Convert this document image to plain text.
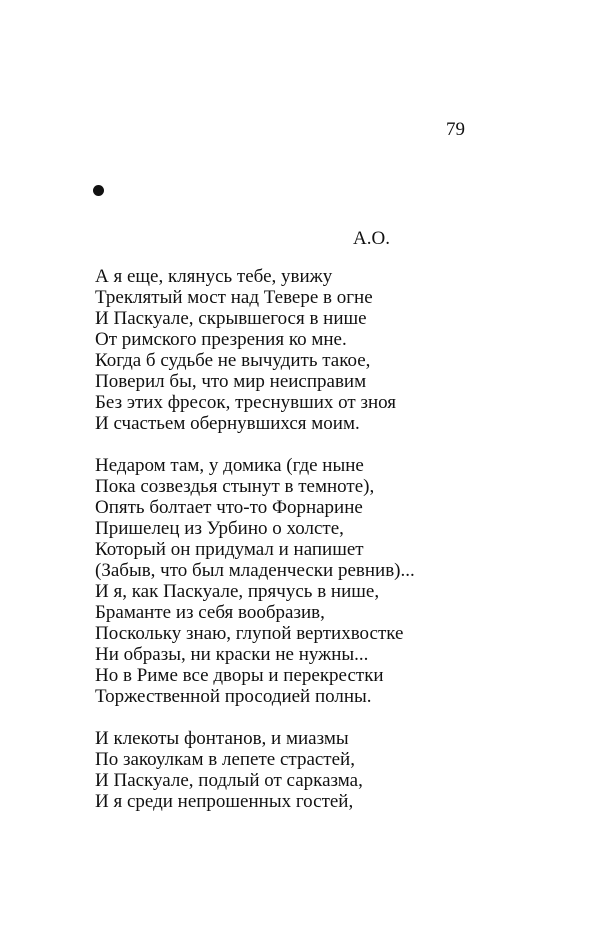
79
А.О.
А я еще, клянусь тебе, увижу
Треклятый мост над Тевере в огне
И Паскуале, скрывшегося в нише
От римского презрения ко мне.
Когда б судьбе не вычудить такое,
Поверил бы, что мир неисправим
Без этих фресок, треснувших от зноя
И счастьем обернувшихся моим.
Недаром там, у домика (где ныне
Пока созвездья стынут в темноте),
Опять болтает что-то Форнарине
Пришелец из Урбино о холсте,
Который он придумал и напишет
(Забыв, что был младенчески ревнив)...
И я, как Паскуале, прячусь в нише,
Браманте из себя вообразив,
Поскольку знаю, глупой вертихвостке
Ни образы, ни краски не нужны...
Но в Риме все дворы и перекрестки
Торжественной просодией полны.
И клекоты фонтанов, и миазмы
По закоулкам в лепете страстей,
И Паскуале, подлый от сарказма,
И я среди непрошенных гостей,
